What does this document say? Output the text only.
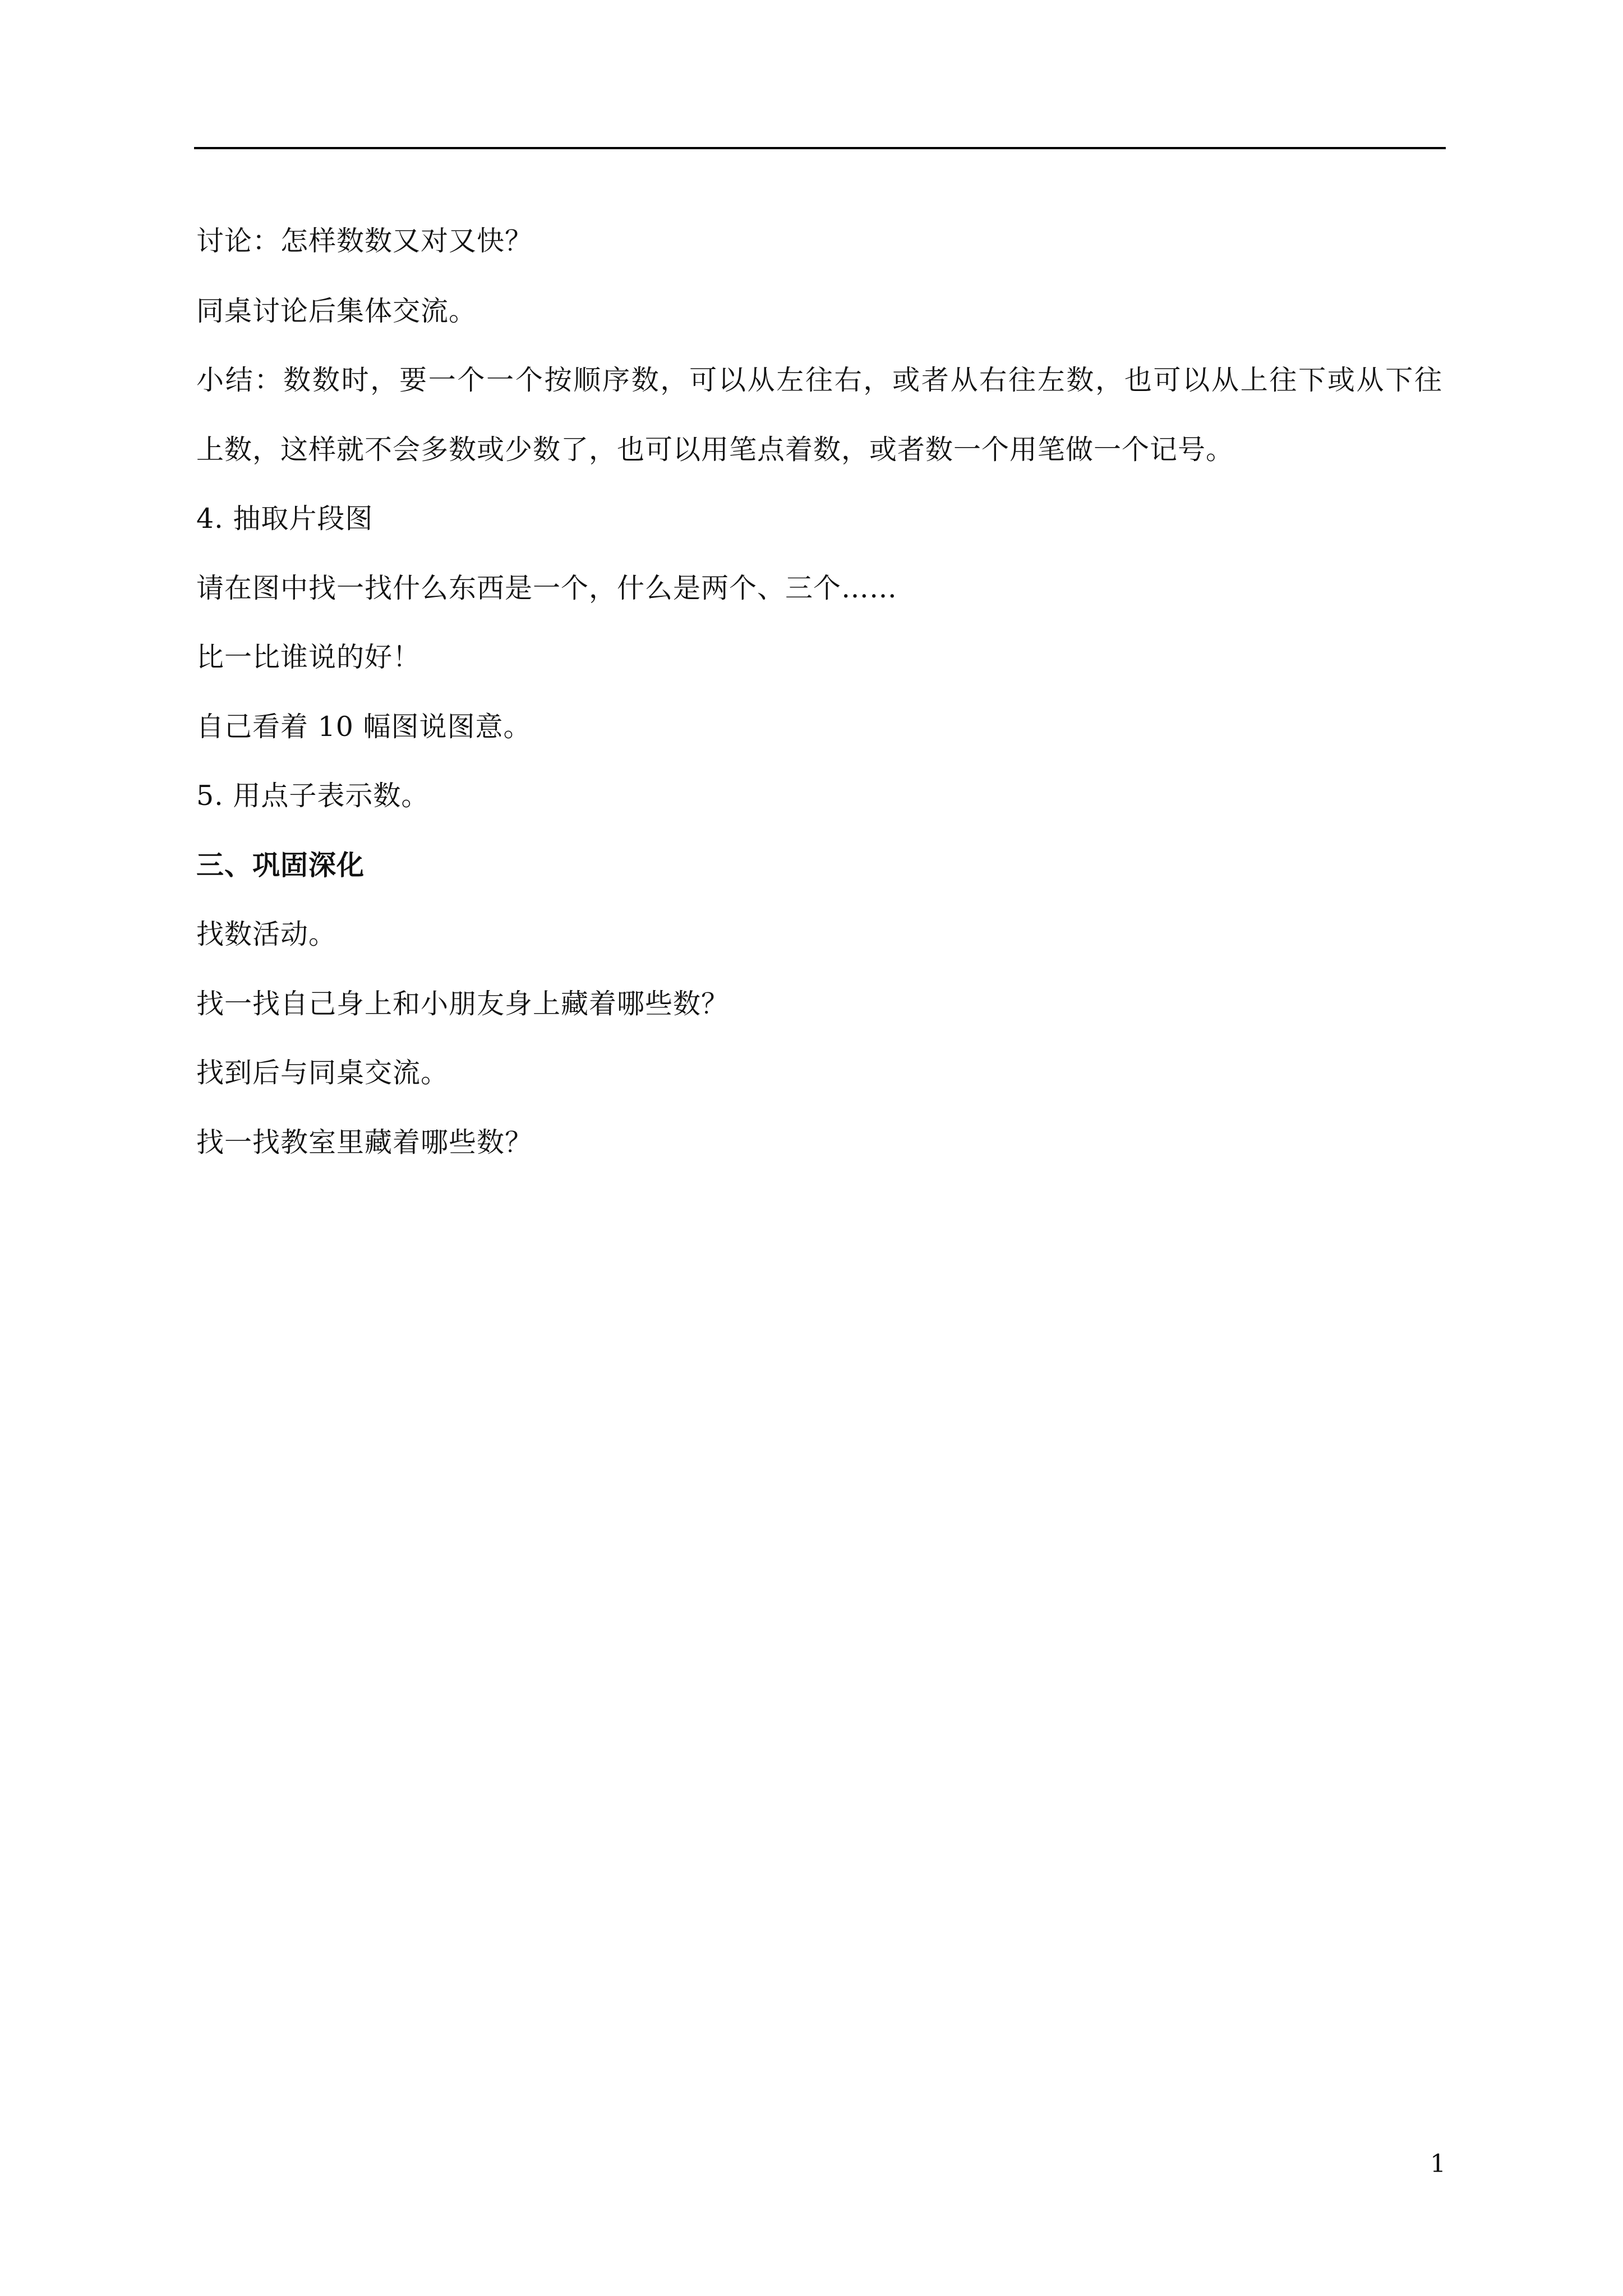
讨论：怎样数数又对又快？
同桌讨论后集体交流。
小结：数数时，要一个一个按顺序数，可以从左往右，或者从右往左数，也可以从上往下或从下往
上数，这样就不会多数或少数了，也可以用笔点着数，或者数一个用笔做一个记号。
4. 抽取片段图
请在图中找一找什么东西是一个，什么是两个、三个……
比一比谁说的好！
自己看着 10 幅图说图意。
5. 用点子表示数。
三、巩固深化
找数活动。
找一找自己身上和小朋友身上藏着哪些数？
找到后与同桌交流。
找一找教室里藏着哪些数？
1
